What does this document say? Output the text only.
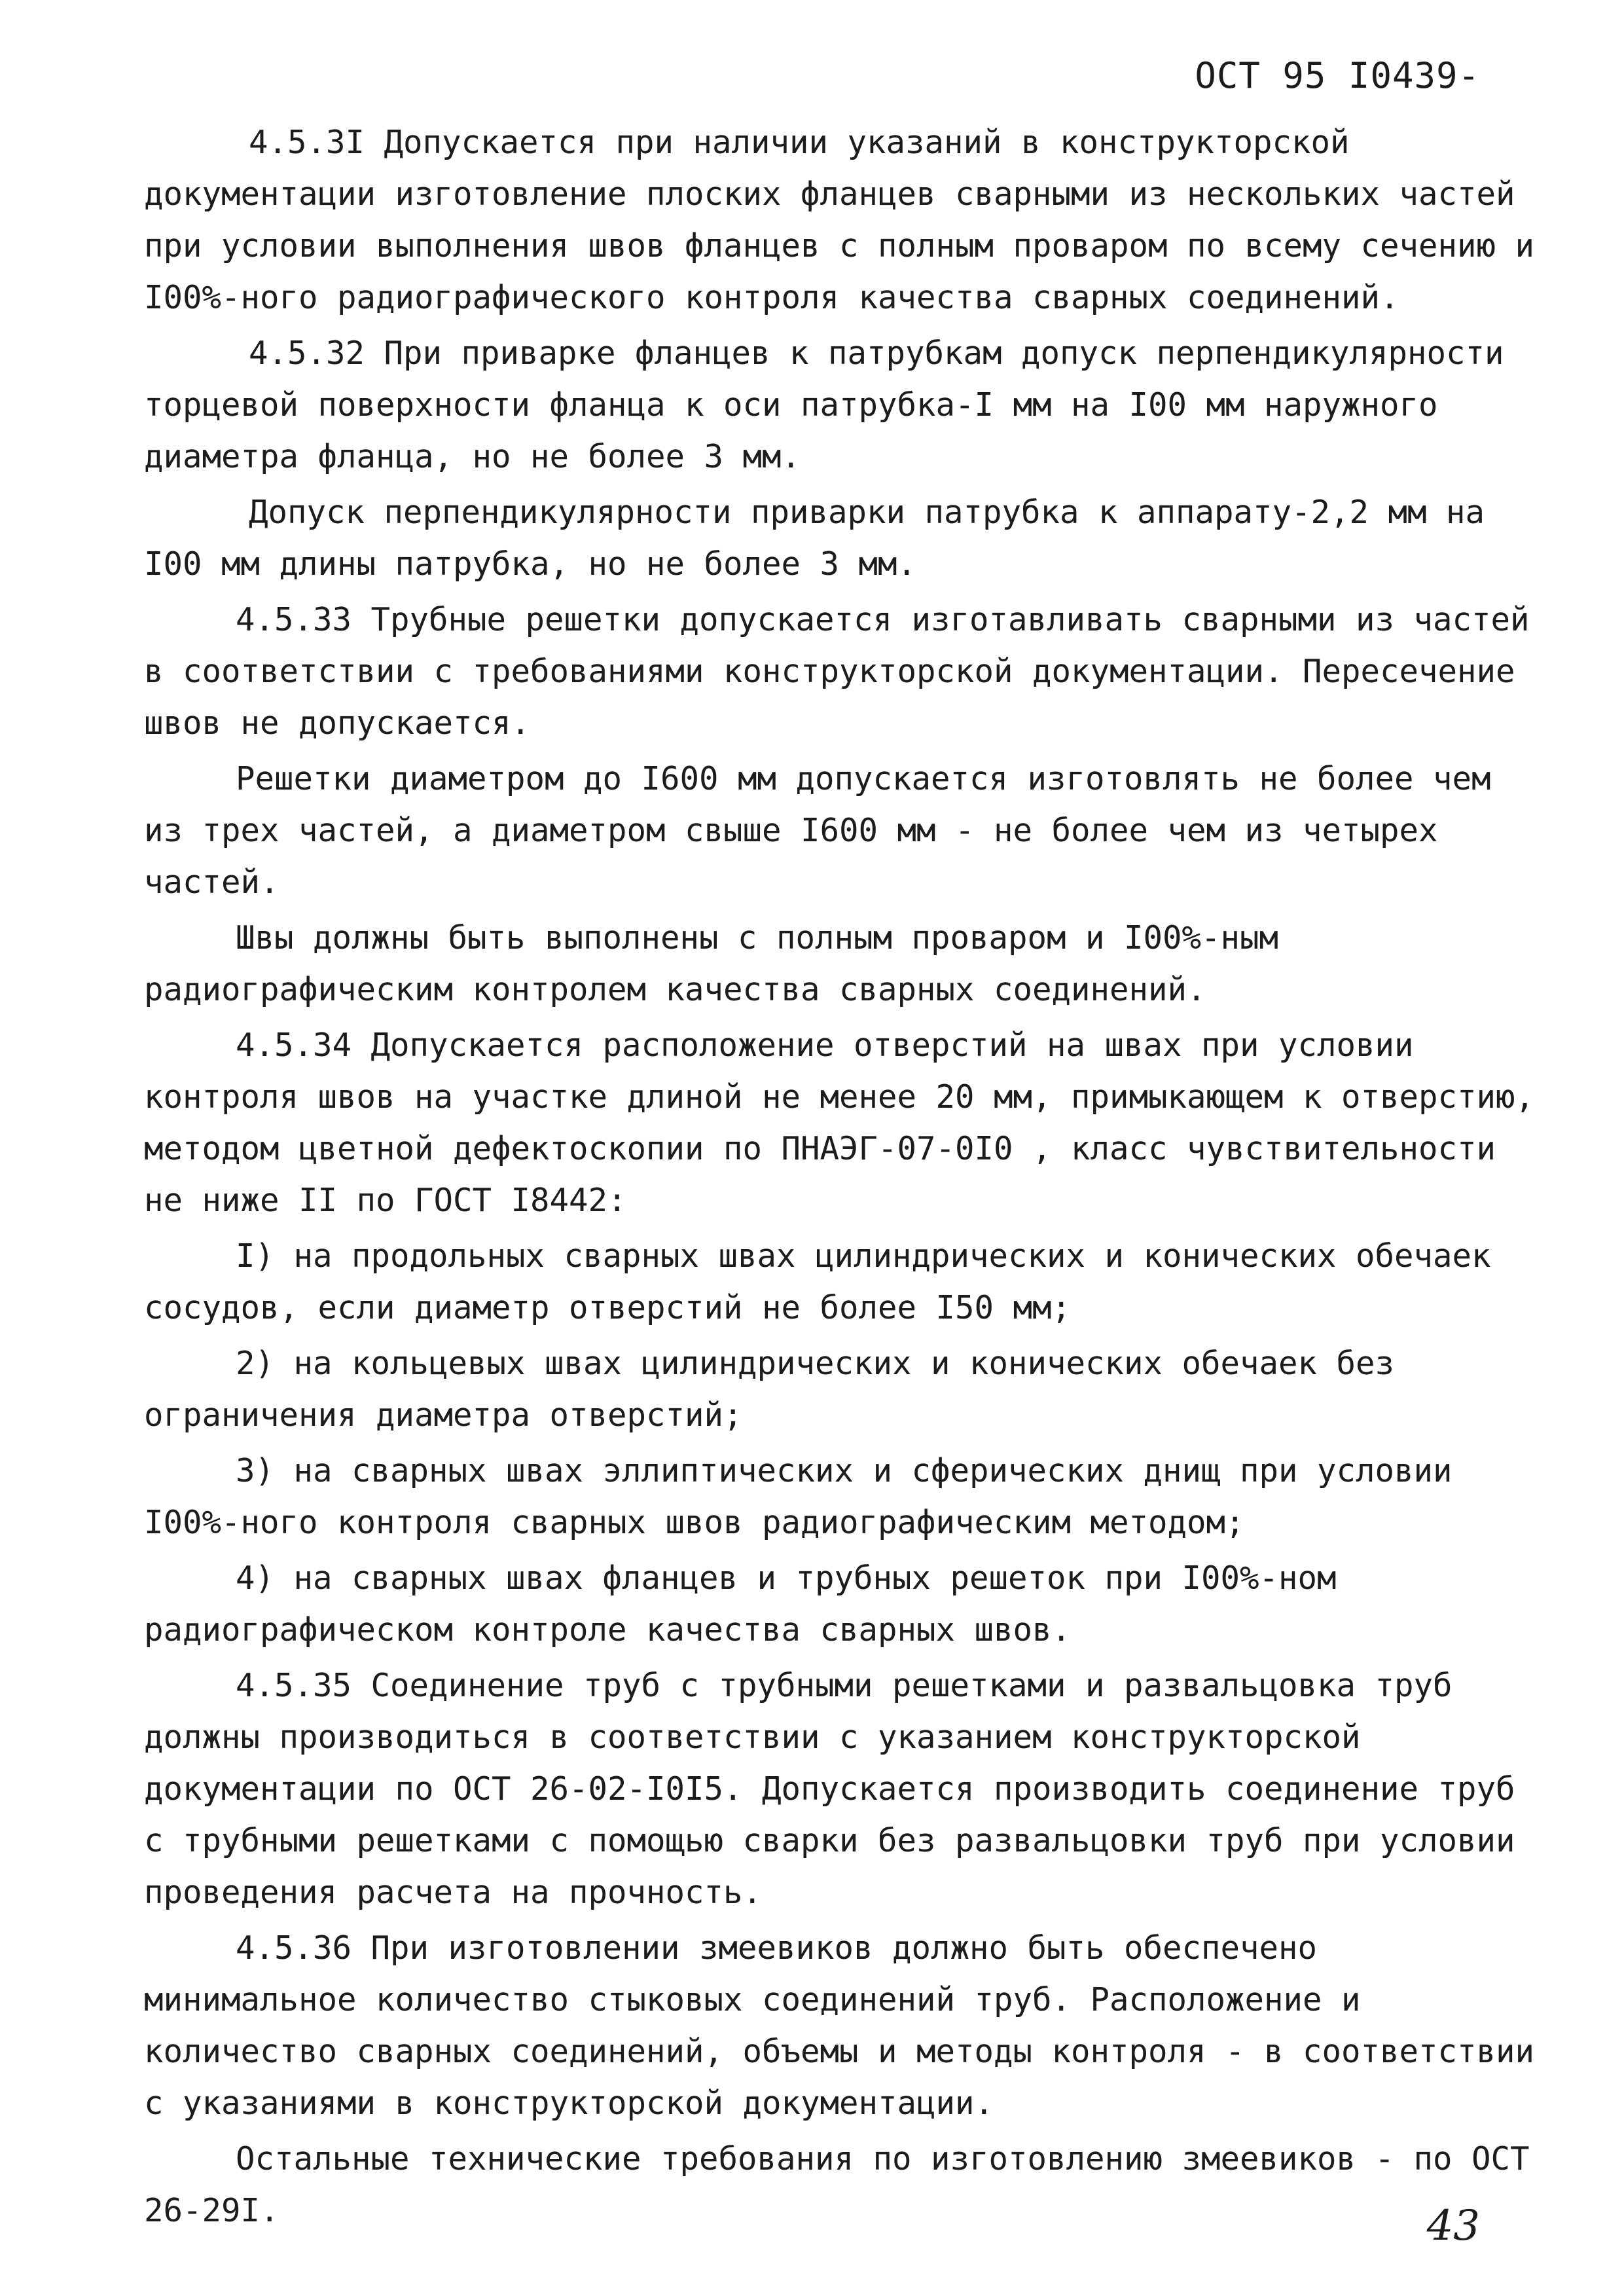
ОСТ 95 I0439-

4.5.3I Допускается при наличии указаний в конструкторской документации изготовление плоских фланцев сварными из нескольких частей при условии выполнения швов фланцев с полным проваром по всему сечению и I00%-ного радиографического контроля качества сварных соединений.

4.5.32 При приварке фланцев к патрубкам допуск перпендикулярности торцевой поверхности фланца к оси патрубка-I мм на I00 мм наружного диаметра фланца, но не более 3 мм.

Допуск перпендикулярности приварки патрубка к аппарату-2,2 мм на I00 мм длины патрубка, но не более 3 мм.

4.5.33 Трубные решетки допускается изготавливать сварными из частей в соответствии с требованиями конструкторской документации. Пересечение швов не допускается.

Решетки диаметром до I600 мм допускается изготовлять не более чем из трех частей, а диаметром свыше I600 мм - не более чем из четырех частей.

Швы должны быть выполнены с полным проваром и I00%-ным радиографическим контролем качества сварных соединений.

4.5.34 Допускается расположение отверстий на швах при условии контроля швов на участке длиной не менее 20 мм, примыкающем к отверстию, методом цветной дефектоскопии по ПНАЭГ-07-0I0 , класс чувствительности не ниже II по ГОСТ I8442:

I) на продольных сварных швах цилиндрических и конических обечаек сосудов, если диаметр отверстий не более I50 мм;

2) на кольцевых швах цилиндрических и конических обечаек без ограничения диаметра отверстий;

3) на сварных швах эллиптических и сферических днищ при условии I00%-ного контроля сварных швов радиографическим методом;

4) на сварных швах фланцев и трубных решеток при I00%-ном радиографическом контроле качества сварных швов.

4.5.35 Соединение труб с трубными решетками и развальцовка труб должны производиться в соответствии с указанием конструкторской документации по ОСТ 26-02-I0I5. Допускается производить соединение труб с трубными решетками с помощью сварки без развальцовки труб при условии проведения расчета на прочность.

4.5.36 При изготовлении змеевиков должно быть обеспечено минимальное количество стыковых соединений труб. Расположение и количество сварных соединений, объемы и методы контроля - в соответствии с указаниями в конструкторской документации.

Остальные технические требования по изготовлению змеевиков - по ОСТ 26-29I.	43
